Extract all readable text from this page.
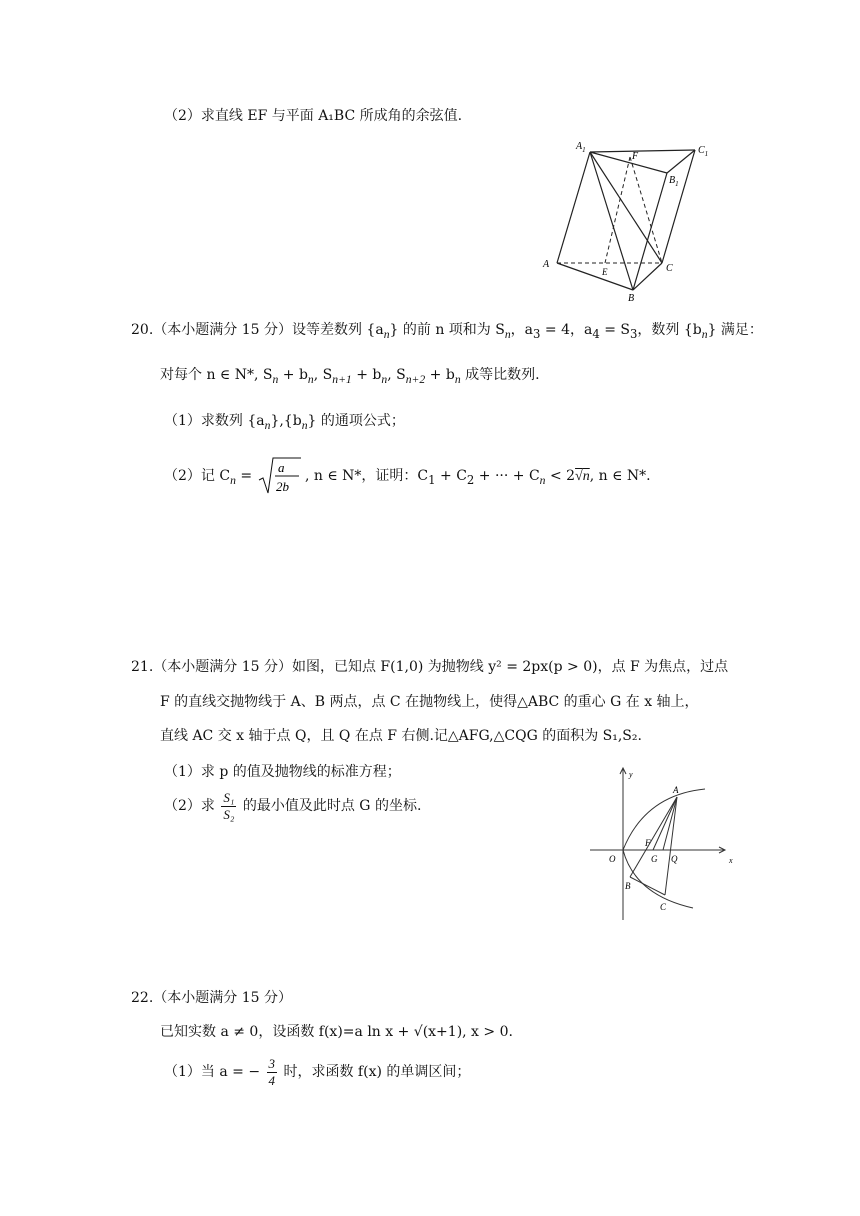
（2）求直线 EF 与平面 A₁BC 所成角的余弦值.
$A_1$
F
$C_1$
$B_1$
A
E	C
B
20.（本小题满分 15 分）设等差数列 $\{a_n\}$ 的前 n 项和为 $S_n$，$a_3 = 4$，$a_4 = S_3$，数列 $\{b_n\}$ 满足：
对每个 n ∈ N*, $S_n + b_n$, $S_{n+1} + b_n$, $S_{n+2} + b_n$ 成等比数列.
（1）求数列 $\{a_n\},\{b_n\}$ 的通项公式；
（2）记 $C_n$ =
a
2b
, n ∈ N*，证明：$C_1 + C_2$ + ··· + $C_n < 2√n$, n ∈ N*.
21.（本小题满分 15 分）如图，已知点 F(1,0) 为抛物线 y² = 2px(p > 0)，点 F 为焦点，过点
F 的直线交抛物线于 A、B 两点，点 C 在抛物线上，使得△ABC 的重心 G 在 x 轴上，
直线 AC 交 x 轴于点 Q，且 Q 在点 F 右侧.记△AFG,△CQG 的面积为 S₁,S₂.
（1）求 p 的值及抛物线的标准方程；
（2）求 $\frac{\text{S₁}}{\text{S₂}}$ 的最小值及此时点 G 的坐标.
y
x
O
A
F
G Q
B
C
22.（本小题满分 15 分）
已知实数 a ≠ 0，设函数 f(x)=a ln x + √(x+1), x > 0.
（1）当 a = − $\frac{3}{4}$ 时，求函数 f(x) 的单调区间；
